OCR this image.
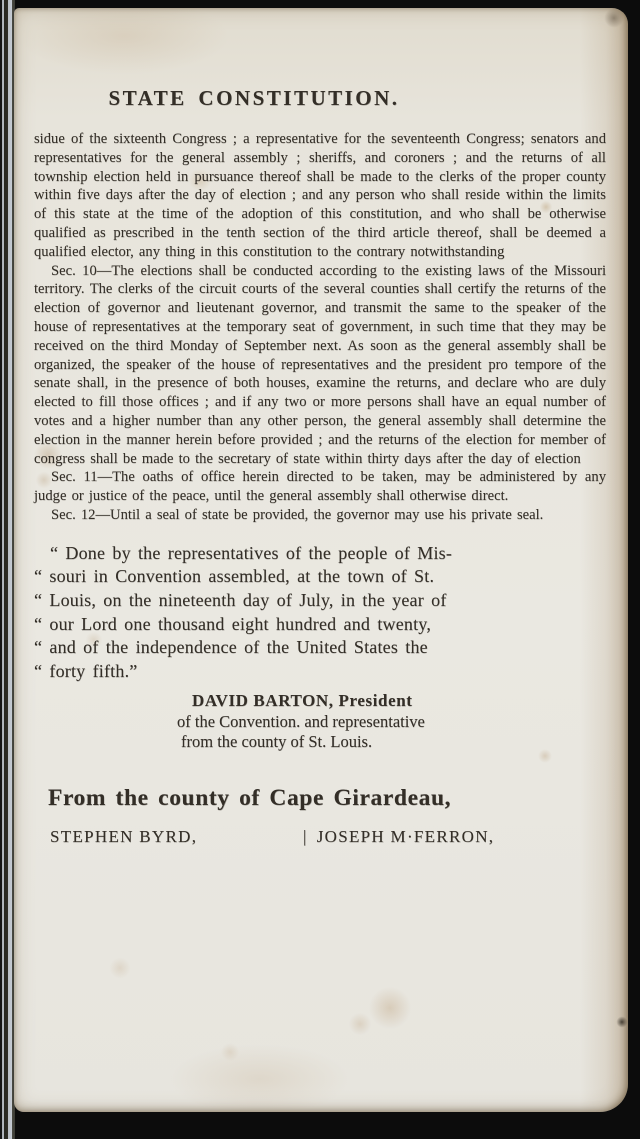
STATE CONSTITUTION.

sidue of the sixteenth Congress ; a representative for the seventeenth Congress; senators and representatives for the general assembly ; sheriffs, and coroners ; and the returns of all township election held in pursuance thereof shall be made to the clerks of the proper county within five days after the day of election ; and any person who shall reside within the limits of this state at the time of the adoption of this constitution, and who shall be otherwise qualified as prescribed in the tenth section of the third article thereof, shall be deemed a qualified elector, any thing in this constitution to the contrary notwithstanding

Sec. 10—The elections shall be conducted according to the existing laws of the Missouri territory. The clerks of the circuit courts of the several counties shall certify the returns of the election of governor and lieutenant governor, and transmit the same to the speaker of the house of representatives at the temporary seat of government, in such time that they may be received on the third Monday of September next. As soon as the general assembly shall be organized, the speaker of the house of representatives and the president pro tempore of the senate shall, in the presence of both houses, examine the returns, and declare who are duly elected to fill those offices ; and if any two or more persons shall have an equal number of votes and a higher number than any other person, the general assembly shall determine the election in the manner herein before provided ; and the returns of the election for member of congress shall be made to the secretary of state within thirty days after the day of election

Sec. 11—The oaths of office herein directed to be taken, may be administered by any judge or justice of the peace, until the general assembly shall otherwise direct.

Sec. 12—Until a seal of state be provided, the governor may use his private seal.

“ Done by the representatives of the people of Mis-
“ souri in Convention assembled, at the town of St.
“ Louis, on the nineteenth day of July, in the year of
“ our Lord one thousand eight hundred and twenty,
“ and of the independence of the United States the
“ forty fifth.”
DAVID BARTON, President
of the Convention. and representative
from the county of St. Louis.
From the county of Cape Girardeau,
STEPHEN BYRD,	| JOSEPH M·FERRON,
